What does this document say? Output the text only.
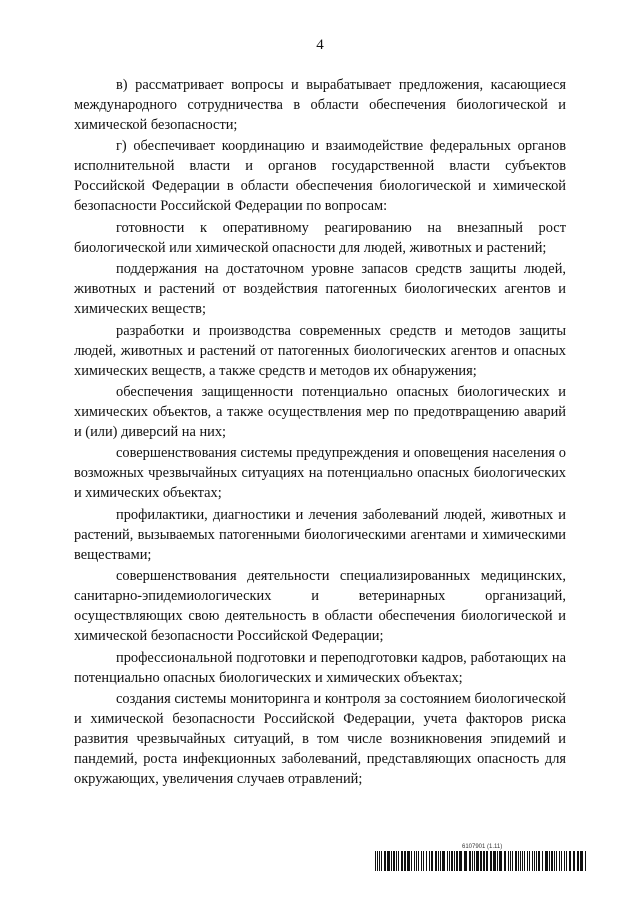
4

в) рассматривает вопросы и вырабатывает предложения, касающиеся международного сотрудничества в области обеспечения биологической и химической безопасности;

г) обеспечивает координацию и взаимодействие федеральных органов исполнительной власти и органов государственной власти субъектов Российской Федерации в области обеспечения биологической и химической безопасности Российской Федерации по вопросам:

готовности к оперативному реагированию на внезапный рост биологической или химической опасности для людей, животных и растений;

поддержания на достаточном уровне запасов средств защиты людей, животных и растений от воздействия патогенных биологических агентов и химических веществ;

разработки и производства современных средств и методов защиты людей, животных и растений от патогенных биологических агентов и опасных химических веществ, а также средств и методов их обнаружения;

обеспечения защищенности потенциально опасных биологических и химических объектов, а также осуществления мер по предотвращению аварий и (или) диверсий на них;

совершенствования системы предупреждения и оповещения населения о возможных чрезвычайных ситуациях на потенциально опасных биологических и химических объектах;

профилактики, диагностики и лечения заболеваний людей, животных и растений, вызываемых патогенными биологическими агентами и химическими веществами;

совершенствования деятельности специализированных медицинских, санитарно-эпидемиологических и ветеринарных организаций, осуществляющих свою деятельность в области обеспечения биологической и химической безопасности Российской Федерации;

профессиональной подготовки и переподготовки кадров, работающих на потенциально опасных биологических и химических объектах;

создания системы мониторинга и контроля за состоянием биологической и химической безопасности Российской Федерации, учета факторов риска развития чрезвычайных ситуаций, в том числе возникновения эпидемий и пандемий, роста инфекционных заболеваний, представляющих опасность для окружающих, увеличения случаев отравлений;

6107901 (1.11)
